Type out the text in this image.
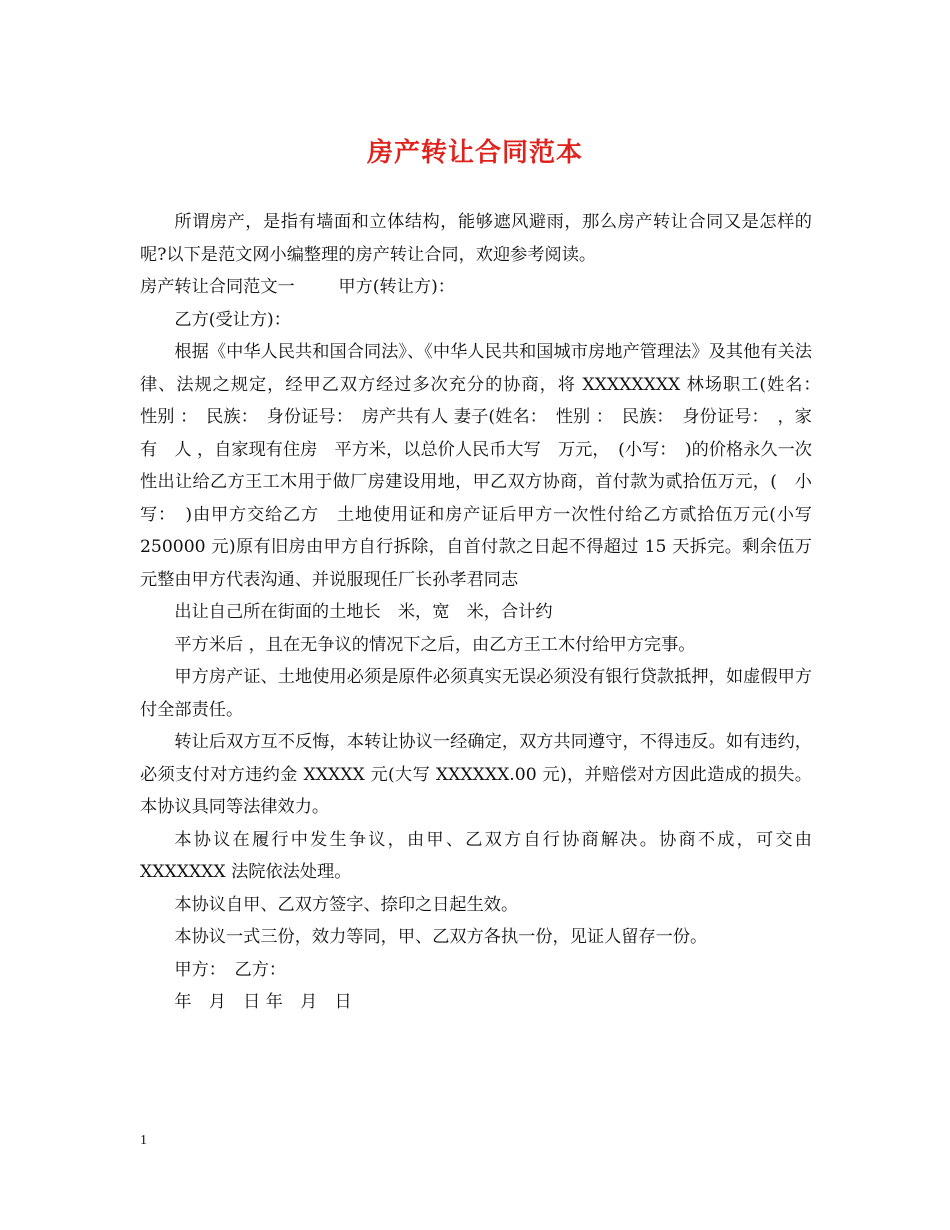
房产转让合同范本

所谓房产，是指有墙面和立体结构，能够遮风避雨，那么房产转让合同又是怎样的呢?以下是范文网小编整理的房产转让合同，欢迎参考阅读。

房产转让合同范文一	甲方(转让方)：

乙方(受让方)：

根据《中华人民共和国合同法》、《中华人民共和国城市房地产管理法》及其他有关法律、法规之规定，经甲乙双方经过多次充分的协商，将 XXXXXXXX 林场职工(姓名：　性别 ：　民族：　身份证号：　房产共有人 妻子(姓名：　性别 ：　民族：　身份证号：　，家有　人 ，自家现有住房　平方米，以总价人民币大写　万元，　(小写：　)的价格永久一次性出让给乙方王工木用于做厂房建设用地，甲乙双方协商，首付款为贰拾伍万元，(　小写：　)由甲方交给乙方　土地使用证和房产证后甲方一次性付给乙方贰拾伍万元(小写 250000 元)原有旧房由甲方自行拆除，自首付款之日起不得超过 15 天拆完。剩余伍万元整由甲方代表沟通、并说服现任厂长孙孝君同志

出让自己所在街面的土地长　米，宽　米，合计约

平方米后 ，且在无争议的情况下之后，由乙方王工木付给甲方完事。

甲方房产证、土地使用必须是原件必须真实无误必须没有银行贷款抵押，如虚假甲方付全部责任。

转让后双方互不反悔，本转让协议一经确定，双方共同遵守，不得违反。如有违约，必须支付对方违约金 XXXXX 元(大写 XXXXXX.00 元)，并赔偿对方因此造成的损失。本协议具同等法律效力。

本协议在履行中发生争议，由甲、乙双方自行协商解决。协商不成，可交由 XXXXXXX 法院依法处理。

本协议自甲、乙双方签字、捺印之日起生效。

本协议一式三份，效力等同，甲、乙双方各执一份，见证人留存一份。

甲方：　乙方：

年　月　日 年　月　日

1
